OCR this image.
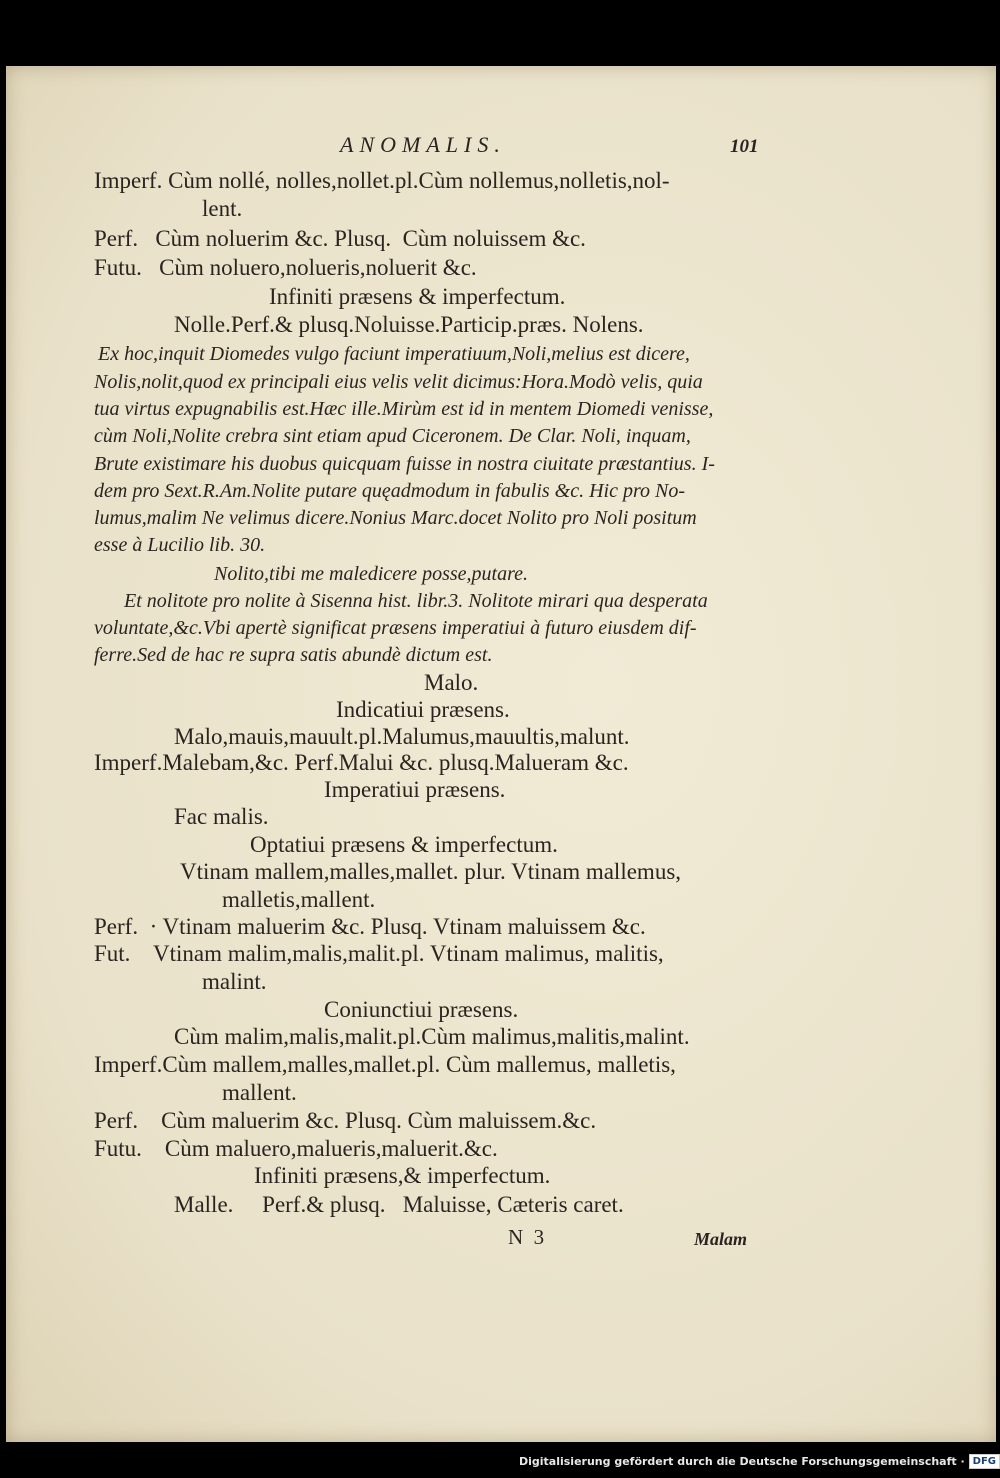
ANOMALIS.	101
Imperf. Cùm nollé, nolles,nollet.pl.Cùm nollemus,nolletis,nol-
lent.
Perf.   Cùm noluerim &c. Plusq.  Cùm noluissem &c.
Futu.   Cùm noluero,nolueris,noluerit &c.
Infiniti præsens & imperfectum.
Nolle.Perf.& plusq.Noluisse.Particip.præs. Nolens.
Ex hoc,inquit Diomedes vulgo faciunt imperatiuum,Noli,melius est dicere,
Nolis,nolit,quod ex principali eius velis velit dicimus:Hora.Modò velis, quia
tua virtus expugnabilis est.Hæc ille.Mirùm est id in mentem Diomedi venisse,
cùm Noli,Nolite crebra sint etiam apud Ciceronem. De Clar. Noli, inquam,
Brute existimare his duobus quicquam fuisse in nostra ciuitate præstantius. I-
dem pro Sext.R.Am.Nolite putare quęadmodum in fabulis &c. Hic pro No-
lumus,malim Ne velimus dicere.Nonius Marc.docet Nolito pro Noli positum
esse à Lucilio lib. 30.
Nolito,tibi me maledicere posse,putare.
Et nolitote pro nolite à Sisenna hist. libr.3. Nolitote mirari qua desperata
voluntate,&c.Vbi apertè significat præsens imperatiui à futuro eiusdem dif-
ferre.Sed de hac re supra satis abundè dictum est.
Malo.
Indicatiui præsens.
Malo,mauis,mauult.pl.Malumus,mauultis,malunt.
Imperf.Malebam,&c. Perf.Malui &c. plusq.Malueram &c.
Imperatiui præsens.
Fac malis.
Optatiui præsens & imperfectum.
Vtinam mallem,malles,mallet. plur. Vtinam mallemus,
malletis,mallent.
Perf.  · Vtinam maluerim &c. Plusq. Vtinam maluissem &c.
Fut.    Vtinam malim,malis,malit.pl. Vtinam malimus, malitis,
malint.
Coniunctiui præsens.
Cùm malim,malis,malit.pl.Cùm malimus,malitis,malint.
Imperf.Cùm mallem,malles,mallet.pl. Cùm mallemus, malletis,
mallent.
Perf.    Cùm maluerim &c. Plusq. Cùm maluissem.&c.
Futu.    Cùm maluero,malueris,maluerit.&c.
Infiniti præsens,& imperfectum.
Malle.     Perf.& plusq.   Maluisse, Cæteris caret.
N  3	Malam
Digitalisierung gefördert durch die Deutsche Forschungsgemeinschaft · DFG
